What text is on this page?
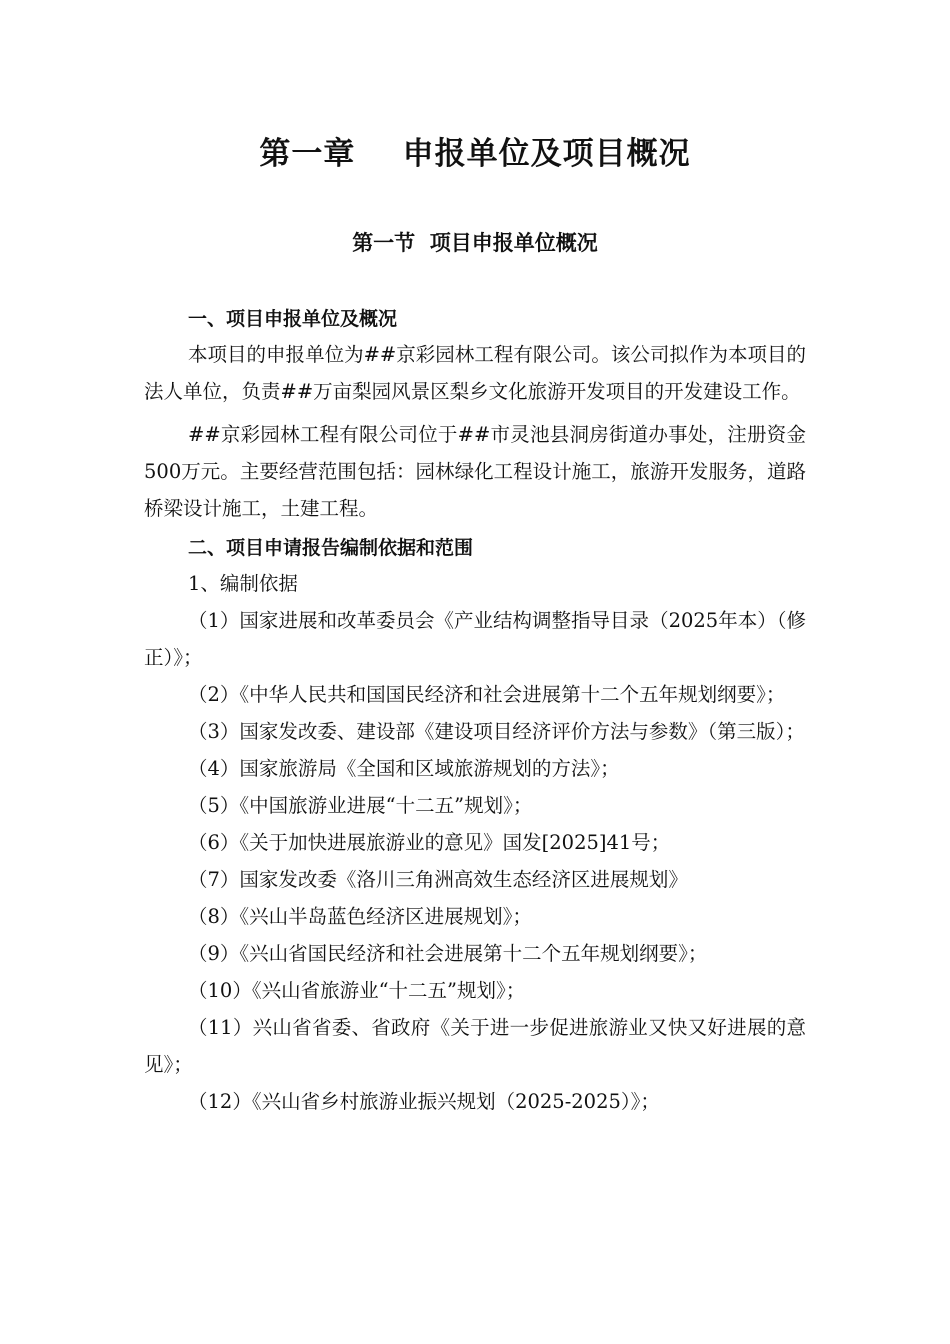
第一章    申报单位及项目概况
第一节  项目申报单位概况

一、项目申报单位及概况

本项目的申报单位为##京彩园林工程有限公司。该公司拟作为本项目的法人单位，负责##万亩梨园风景区梨乡文化旅游开发项目的开发建设工作。

##京彩园林工程有限公司位于##市灵池县洞房街道办事处，注册资金500万元。主要经营范围包括：园林绿化工程设计施工，旅游开发服务，道路桥梁设计施工，土建工程。

二、项目申请报告编制依据和范围

1、编制依据

（1）国家进展和改革委员会《产业结构调整指导目录（2025年本）（修正）》；

（2）《中华人民共和国国民经济和社会进展第十二个五年规划纲要》；

（3）国家发改委、建设部《建设项目经济评价方法与参数》（第三版）；

（4）国家旅游局《全国和区域旅游规划的方法》；

（5）《中国旅游业进展“十二五”规划》；

（6）《关于加快进展旅游业的意见》国发[2025]41号；

（7）国家发改委《洛川三角洲高效生态经济区进展规划》

（8）《兴山半岛蓝色经济区进展规划》；

（9）《兴山省国民经济和社会进展第十二个五年规划纲要》；

（10）《兴山省旅游业“十二五”规划》；

（11）兴山省省委、省政府《关于进一步促进旅游业又快又好进展的意见》；

（12）《兴山省乡村旅游业振兴规划（2025-2025）》；
